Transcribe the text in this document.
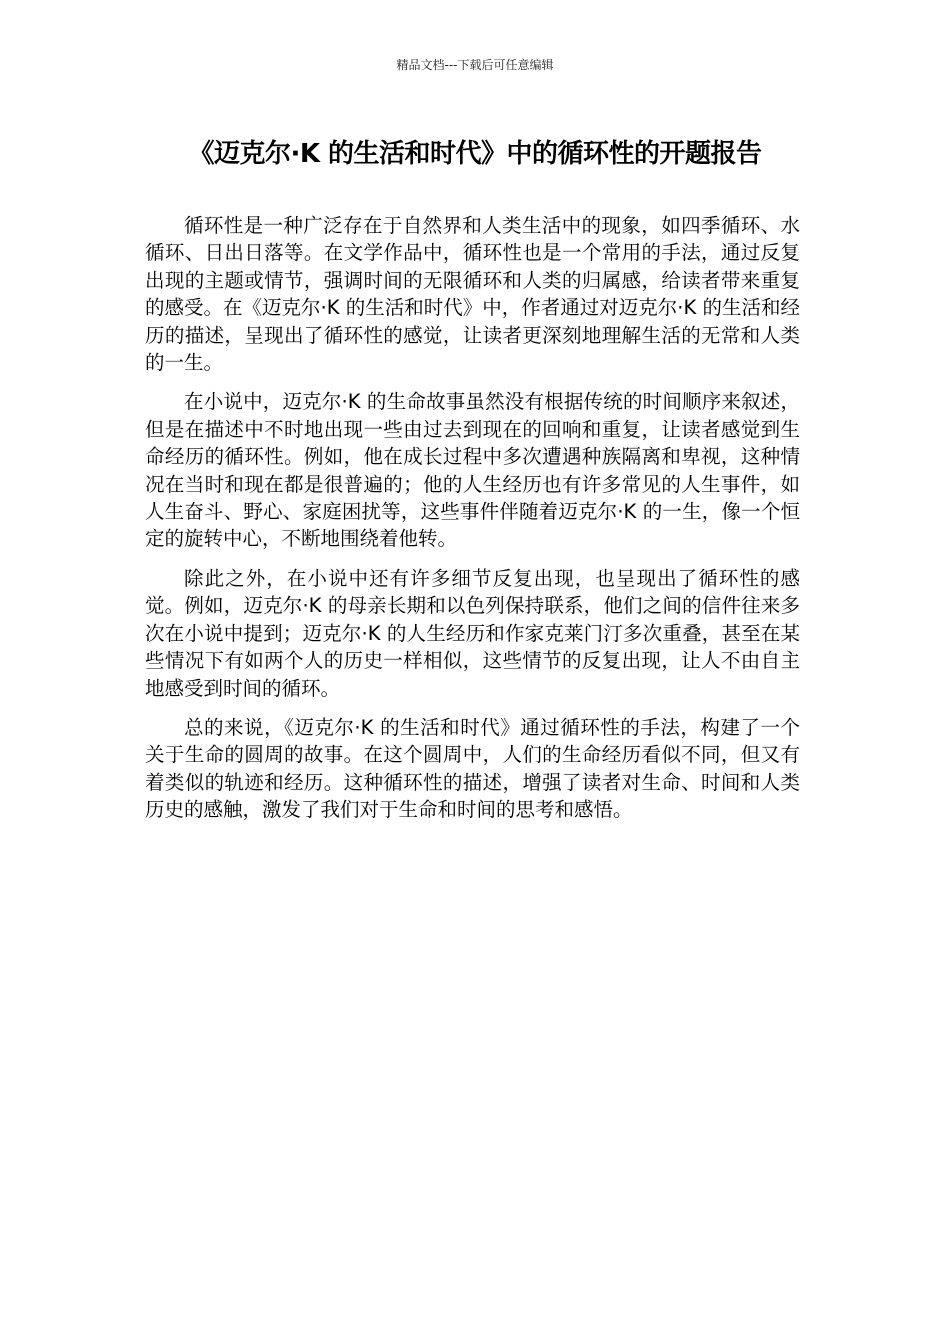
精品文档---下载后可任意编辑
《迈克尔·K 的生活和时代》中的循环性的开题报告

循环性是一种广泛存在于自然界和人类生活中的现象，如四季循环、水循环、日出日落等。在文学作品中，循环性也是一个常用的手法，通过反复出现的主题或情节，强调时间的无限循环和人类的归属感，给读者带来重复的感受。在《迈克尔·K 的生活和时代》中，作者通过对迈克尔·K 的生活和经历的描述，呈现出了循环性的感觉，让读者更深刻地理解生活的无常和人类的一生。

在小说中，迈克尔·K 的生命故事虽然没有根据传统的时间顺序来叙述，但是在描述中不时地出现一些由过去到现在的回响和重复，让读者感觉到生命经历的循环性。例如，他在成长过程中多次遭遇种族隔离和卑视，这种情况在当时和现在都是很普遍的；他的人生经历也有许多常见的人生事件，如人生奋斗、野心、家庭困扰等，这些事件伴随着迈克尔·K 的一生，像一个恒定的旋转中心，不断地围绕着他转。

除此之外，在小说中还有许多细节反复出现，也呈现出了循环性的感觉。例如，迈克尔·K 的母亲长期和以色列保持联系，他们之间的信件往来多次在小说中提到；迈克尔·K 的人生经历和作家克莱门汀多次重叠，甚至在某些情况下有如两个人的历史一样相似，这些情节的反复出现，让人不由自主地感受到时间的循环。

总的来说，《迈克尔·K 的生活和时代》通过循环性的手法，构建了一个关于生命的圆周的故事。在这个圆周中，人们的生命经历看似不同，但又有着类似的轨迹和经历。这种循环性的描述，增强了读者对生命、时间和人类历史的感触，激发了我们对于生命和时间的思考和感悟。
